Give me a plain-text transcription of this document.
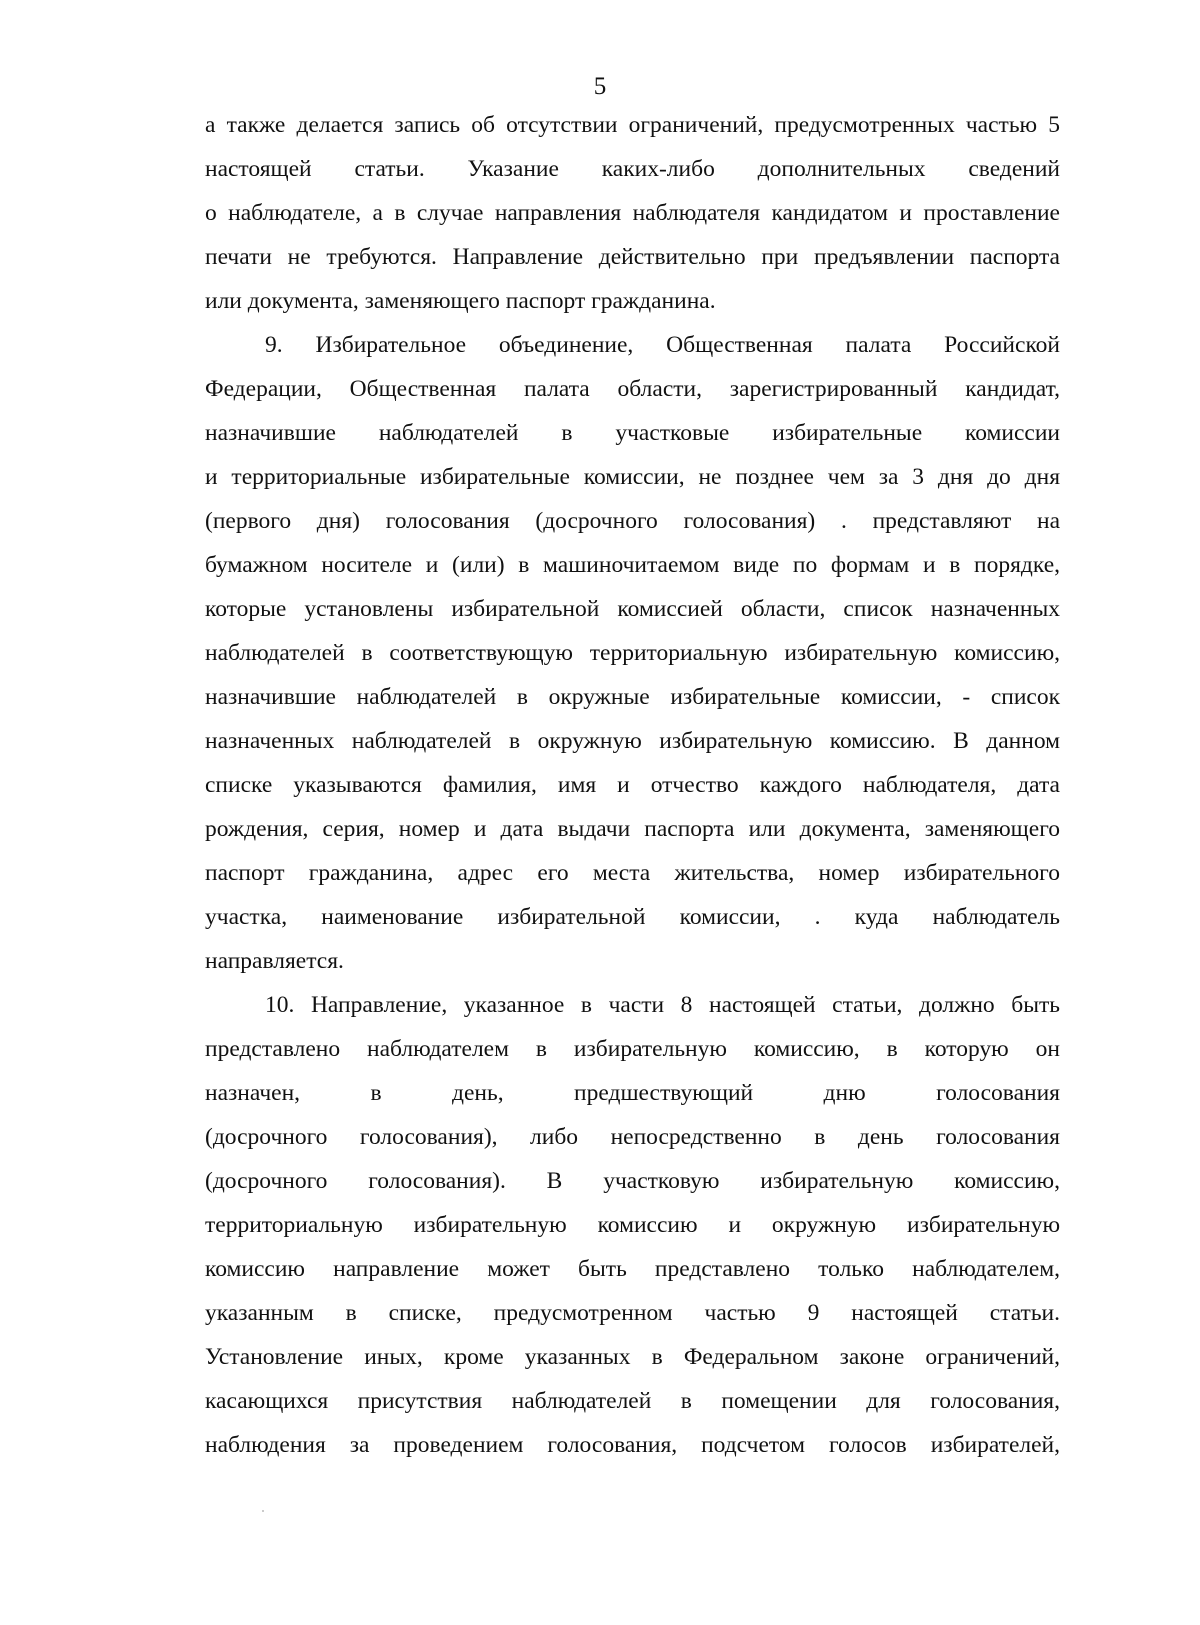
5

а также делается запись об отсутствии ограничений, предусмотренных частью 5
настоящей статьи. Указание каких-либо дополнительных сведений
о наблюдателе, а в случае направления наблюдателя кандидатом и проставление
печати не требуются. Направление действительно при предъявлении паспорта
или документа, заменяющего паспорт гражданина.

9. Избирательное объединение, Общественная палата Российской
Федерации, Общественная палата области, зарегистрированный кандидат,
назначившие наблюдателей в участковые избирательные комиссии
и территориальные избирательные комиссии, не позднее чем за 3 дня до дня
(первого дня) голосования (досрочного голосования) . представляют на
бумажном носителе и (или) в машиночитаемом виде по формам и в порядке,
которые установлены избирательной комиссией области, список назначенных
наблюдателей в соответствующую территориальную избирательную комиссию,
назначившие наблюдателей в окружные избирательные комиссии, - список
назначенных наблюдателей в окружную избирательную комиссию. В данном
списке указываются фамилия, имя и отчество каждого наблюдателя, дата
рождения, серия, номер и дата выдачи паспорта или документа, заменяющего
паспорт гражданина, адрес его места жительства, номер избирательного
участка, наименование избирательной комиссии, . куда наблюдатель
направляется.

10. Направление, указанное в части 8 настоящей статьи, должно быть
представлено наблюдателем в избирательную комиссию, в которую он
назначен, в день, предшествующий дню голосования
(досрочного голосования), либо непосредственно в день голосования
(досрочного голосования). В участковую избирательную комиссию,
территориальную избирательную комиссию и окружную избирательную
комиссию направление может быть представлено только наблюдателем,
указанным в списке, предусмотренном частью 9 настоящей статьи.
Установление иных, кроме указанных в Федеральном законе ограничений,
касающихся присутствия наблюдателей в помещении для голосования,
наблюдения за проведением голосования, подсчетом голосов избирателей,
